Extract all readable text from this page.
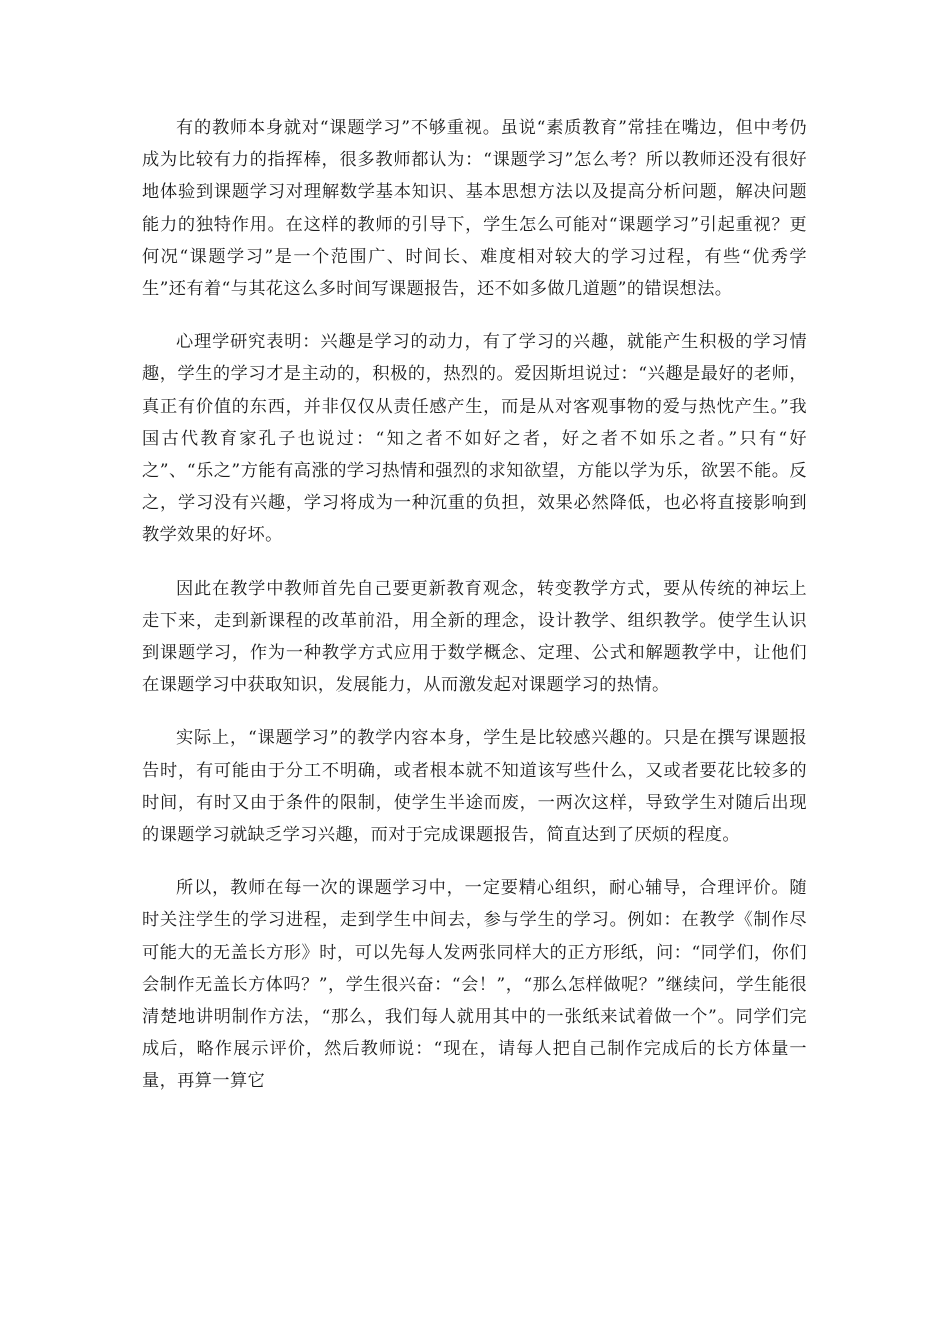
有的教师本身就对“课题学习”不够重视。虽说“素质教育”常挂在嘴边，但中考仍成为比较有力的指挥棒，很多教师都认为：“课题学习”怎么考？所以教师还没有很好地体验到课题学习对理解数学基本知识、基本思想方法以及提高分析问题，解决问题能力的独特作用。在这样的教师的引导下，学生怎么可能对“课题学习”引起重视？更何况“课题学习”是一个范围广、时间长、难度相对较大的学习过程，有些“优秀学生”还有着“与其花这么多时间写课题报告，还不如多做几道题”的错误想法。

心理学研究表明：兴趣是学习的动力，有了学习的兴趣，就能产生积极的学习情趣，学生的学习才是主动的，积极的，热烈的。爱因斯坦说过：“兴趣是最好的老师，真正有价值的东西，并非仅仅从责任感产生，而是从对客观事物的爱与热忱产生。”我国古代教育家孔子也说过：“知之者不如好之者，好之者不如乐之者。”只有“好之”、“乐之”方能有高涨的学习热情和强烈的求知欲望，方能以学为乐，欲罢不能。反之，学习没有兴趣，学习将成为一种沉重的负担，效果必然降低，也必将直接影响到教学效果的好坏。

因此在教学中教师首先自己要更新教育观念，转变教学方式，要从传统的神坛上走下来，走到新课程的改革前沿，用全新的理念，设计教学、组织教学。使学生认识到课题学习，作为一种教学方式应用于数学概念、定理、公式和解题教学中，让他们在课题学习中获取知识，发展能力，从而激发起对课题学习的热情。

实际上，“课题学习”的教学内容本身，学生是比较感兴趣的。只是在撰写课题报告时，有可能由于分工不明确，或者根本就不知道该写些什么，又或者要花比较多的时间，有时又由于条件的限制，使学生半途而废，一两次这样，导致学生对随后出现的课题学习就缺乏学习兴趣，而对于完成课题报告，简直达到了厌烦的程度。

所以，教师在每一次的课题学习中，一定要精心组织，耐心辅导，合理评价。随时关注学生的学习进程，走到学生中间去，参与学生的学习。例如：在教学《制作尽可能大的无盖长方形》时，可以先每人发两张同样大的正方形纸，问：“同学们，你们会制作无盖长方体吗？”，学生很兴奋：“会！”，“那么怎样做呢？”继续问，学生能很清楚地讲明制作方法，“那么，我们每人就用其中的一张纸来试着做一个”。同学们完成后，略作展示评价，然后教师说：“现在，请每人把自己制作完成后的长方体量一量，再算一算它
